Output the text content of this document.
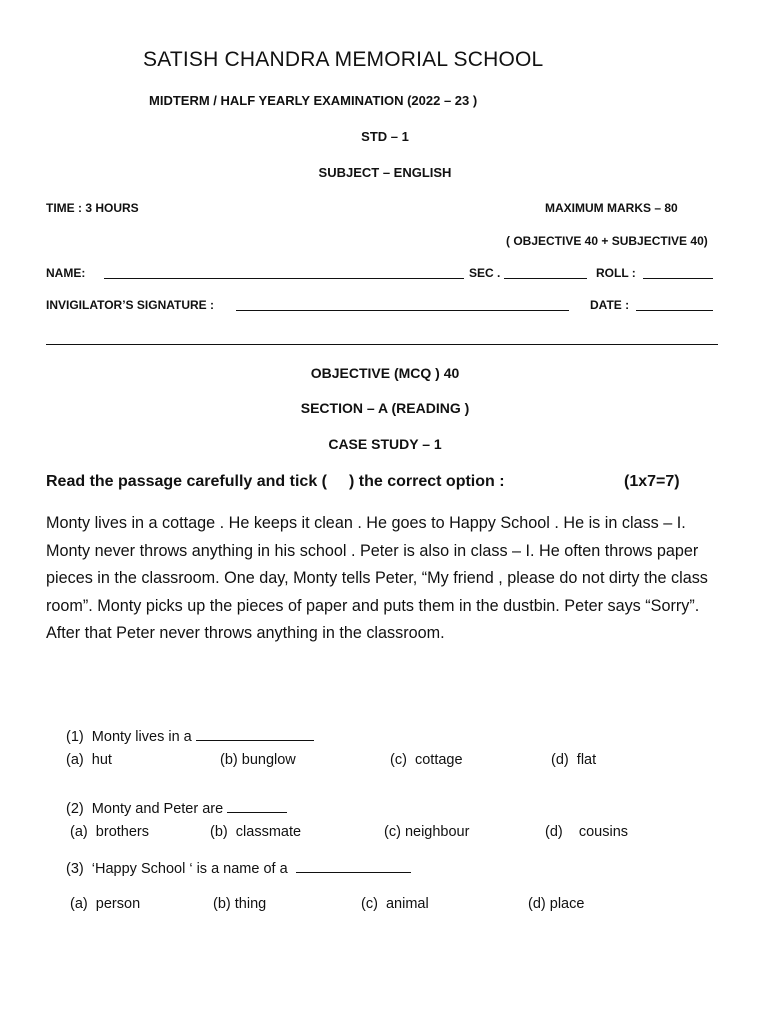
SATISH CHANDRA MEMORIAL SCHOOL
MIDTERM / HALF YEARLY EXAMINATION (2022 – 23 )
STD – 1
SUBJECT – ENGLISH
TIME : 3 HOURS	MAXIMUM MARKS – 80
( OBJECTIVE 40 + SUBJECTIVE 40)
NAME:	SEC .	ROLL :
INVIGILATOR’S SIGNATURE :	DATE :
OBJECTIVE (MCQ ) 40
SECTION – A (READING )
CASE STUDY – 1
Read the passage carefully and tick ( ) the correct option :	(1x7=7)
Monty lives in a cottage . He keeps it clean . He goes to Happy School . He is in class – I. Monty never throws anything in his school . Peter is also in class – I. He often throws paper pieces in the classroom. One day, Monty tells Peter, “My friend , please do not dirty the class room”. Monty picks up the pieces of paper and puts them in the dustbin. Peter says “Sorry”. After that Peter never throws anything in the classroom.
(1) Monty lives in a
(a) hut	(b) bunglow	(c) cottage	(d) flat
(2) Monty and Peter are
(a) brothers	(b) classmate	(c) neighbour	(d) cousins
(3) ‘Happy School ‘ is a name of a
(a) person	(b) thing	(c) animal	(d) place
